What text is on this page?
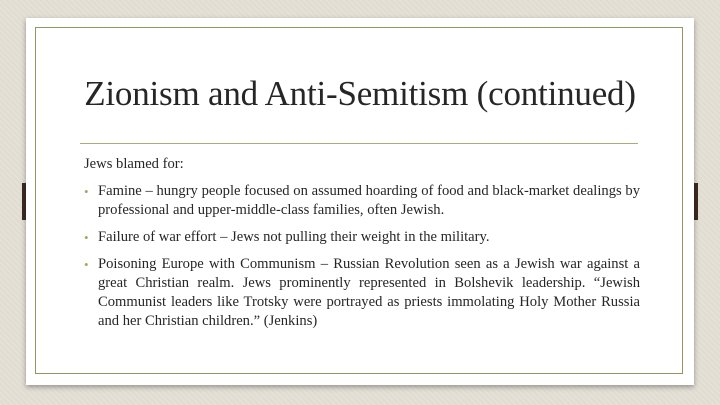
Zionism and Anti-Semitism (continued)

Jews blamed for:

• Famine – hungry people focused on assumed hoarding of food and black-market dealings by professional and upper-middle-class families, often Jewish.
• Failure of war effort – Jews not pulling their weight in the military.
• Poisoning Europe with Communism – Russian Revolution seen as a Jewish war against a great Christian realm. Jews prominently represented in Bolshevik leadership. “Jewish Communist leaders like Trotsky were portrayed as priests immolating Holy Mother Russia and her Christian children.” (Jenkins)
